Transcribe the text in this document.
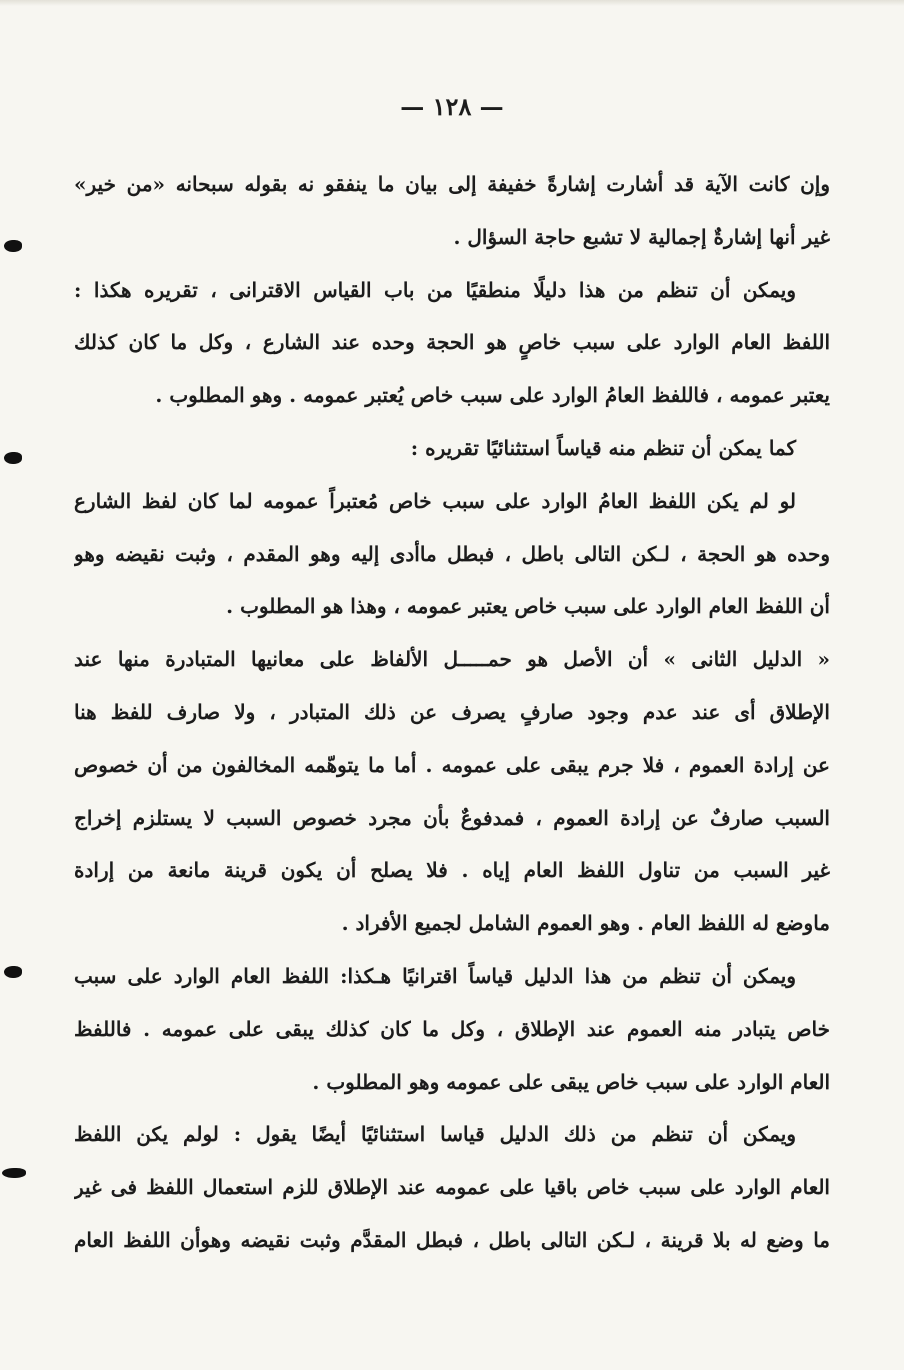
— ١٢٨ —
وإن كانت الآية قد أشارت إشارةً خفيفة إلى بيان ما ينفقو نه بقوله سبحانه «من خير»
غير أنها إشارةٌ إجمالية لا تشبع حاجة السؤال .
ويمكن أن تنظم من هذا دليلًا منطقيًا من باب القياس الاقترانى ، تقريره هكذا :
اللفظ العام الوارد على سبب خاصٍ هو الحجة وحده عند الشارع ، وكل ما كان كذلك
يعتبر عمومه ، فاللفظ العامُ الوارد على سبب خاص يُعتبر عمومه . وهو المطلوب .
كما يمكن أن تنظم منه قياساً استثنائيًا تقريره :
لو لم يكن اللفظ العامُ الوارد على سبب خاص مُعتبراً عمومه لما كان لفظ الشارع
وحده هو الحجة ، لـكن التالى باطل ، فبطل ماأدى إليه وهو المقدم ، وثبت نقيضه وهو
أن اللفظ العام الوارد على سبب خاص يعتبر عمومه ، وهذا هو المطلوب .
« الدليل الثانى » أن الأصل هو حمـــــل الألفاظ على معانيها المتبادرة منها عند
الإطلاق أى عند عدم وجود صارفٍ يصرف عن ذلك المتبادر ، ولا صارف للفظ هنا
عن إرادة العموم ، فلا جرم يبقى على عمومه . أما ما يتوهّمه المخالفون من أن خصوص
السبب صارفٌ عن إرادة العموم ، فمدفوعٌ بأن مجرد خصوص السبب لا يستلزم إخراج
غير السبب من تناول اللفظ العام إياه . فلا يصلح أن يكون قرينة مانعة من إرادة
ماوضع له اللفظ العام . وهو العموم الشامل لجميع الأفراد .
ويمكن أن تنظم من هذا الدليل قياساً اقترانيًا هـكذا: اللفظ العام الوارد على سبب
خاص يتبادر منه العموم عند الإطلاق ، وكل ما كان كذلك يبقى على عمومه . فاللفظ
العام الوارد على سبب خاص يبقى على عمومه وهو المطلوب .
ويمكن أن تنظم من ذلك الدليل قياسا استثنائيًا أيضًا يقول : لولم يكن اللفظ
العام الوارد على سبب خاص باقيا على عمومه عند الإطلاق للزم استعمال اللفظ فى غير
ما وضع له بلا قرينة ، لـكن التالى باطل ، فبطل المقدَّم وثبت نقيضه وهوأن اللفظ العام
